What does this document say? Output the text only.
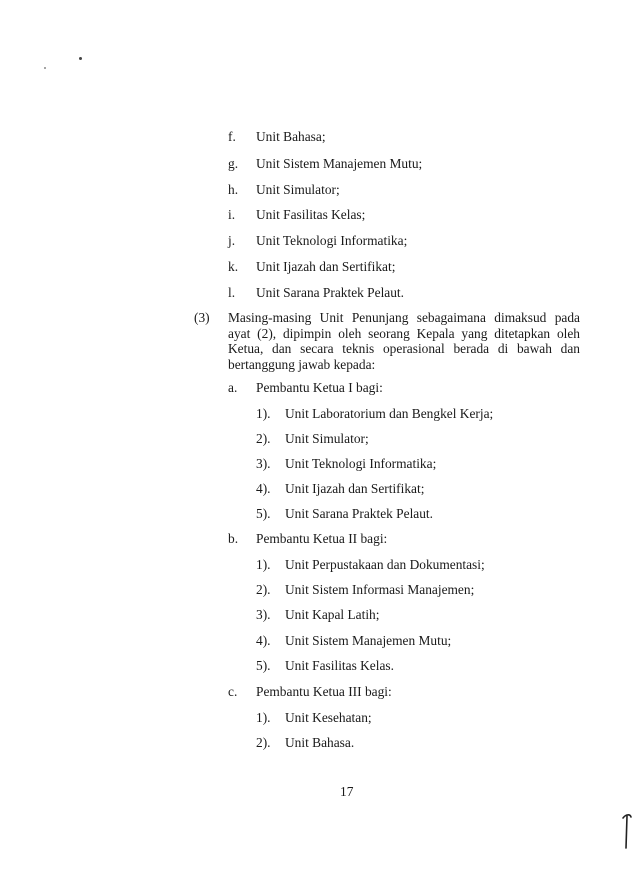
f. Unit Bahasa;
g. Unit Sistem Manajemen Mutu;
h. Unit Simulator;
i. Unit Fasilitas Kelas;
j. Unit Teknologi Informatika;
k. Unit Ijazah dan Sertifikat;
l. Unit Sarana Praktek Pelaut.
(3) Masing-masing Unit Penunjang sebagaimana dimaksud pada ayat (2), dipimpin oleh seorang Kepala yang ditetapkan oleh Ketua, dan secara teknis operasional berada di bawah dan bertanggung jawab kepada:
a. Pembantu Ketua I bagi:
1). Unit Laboratorium dan Bengkel Kerja;
2). Unit Simulator;
3). Unit Teknologi Informatika;
4). Unit Ijazah dan Sertifikat;
5). Unit Sarana Praktek Pelaut.
b. Pembantu Ketua II bagi:
1). Unit Perpustakaan dan Dokumentasi;
2). Unit Sistem Informasi Manajemen;
3). Unit Kapal Latih;
4). Unit Sistem Manajemen Mutu;
5). Unit Fasilitas Kelas.
c. Pembantu Ketua III bagi:
1). Unit Kesehatan;
2). Unit Bahasa.
17
